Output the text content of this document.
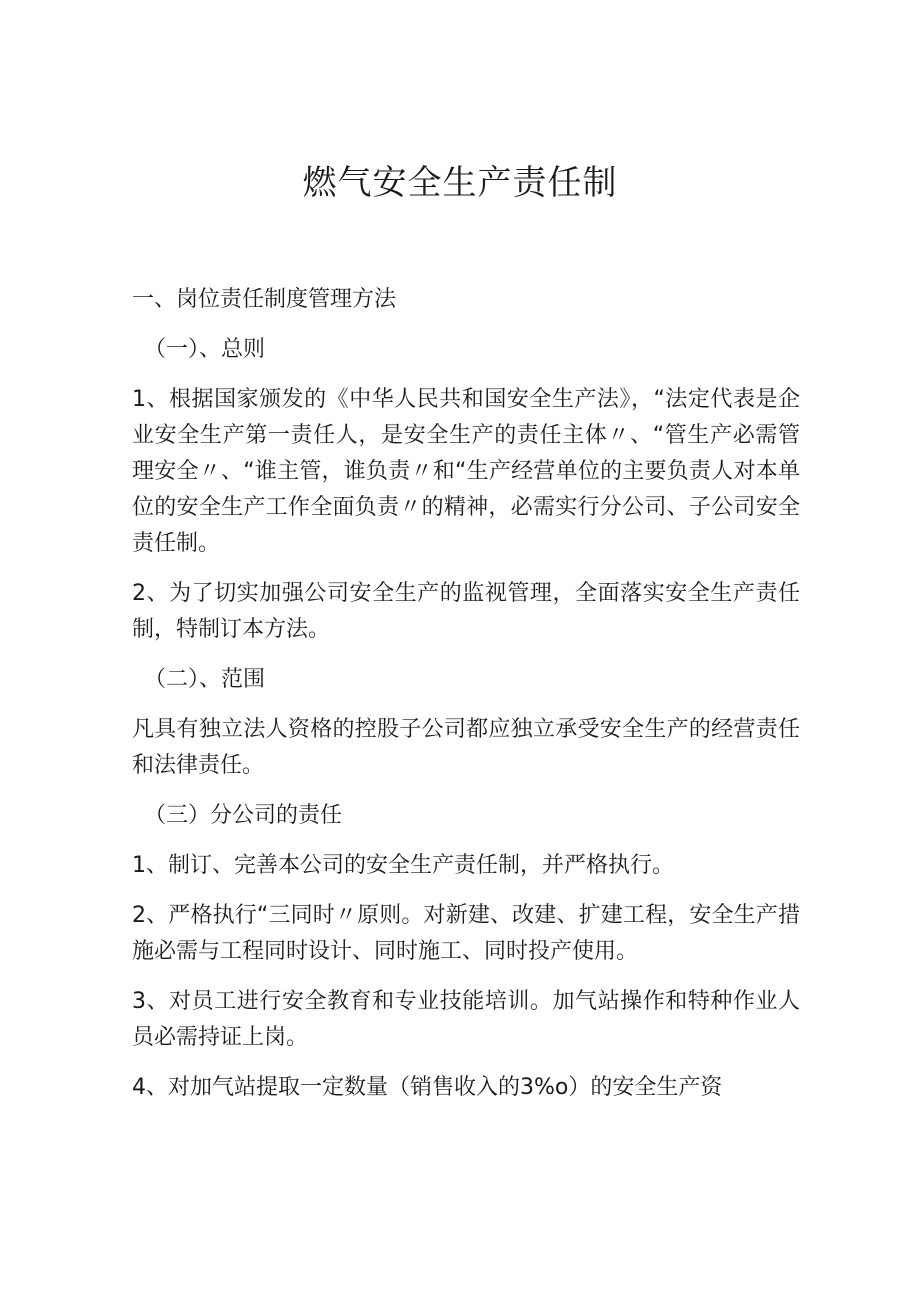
燃气安全生产责任制

一、岗位责任制度管理方法

（一）、总则

1、根据国家颁发的《中华人民共和国安全生产法》，“法定代表是企业安全生产第一责任人，是安全生产的责任主体〃、“管生产必需管理安全〃、“谁主管，谁负责〃和“生产经营单位的主要负责人对本单位的安全生产工作全面负责〃的精神，必需实行分公司、子公司安全责任制。

2、为了切实加强公司安全生产的监视管理，全面落实安全生产责任制，特制订本方法。

（二）、范围

凡具有独立法人资格的控股子公司都应独立承受安全生产的经营责任和法律责任。

（三）分公司的责任

1、制订、完善本公司的安全生产责任制，并严格执行。

2、严格执行“三同时〃原则。对新建、改建、扩建工程，安全生产措施必需与工程同时设计、同时施工、同时投产使用。

3、对员工进行安全教育和专业技能培训。加气站操作和特种作业人员必需持证上岗。

4、对加气站提取一定数量（销售收入的3%o）的安全生产资
